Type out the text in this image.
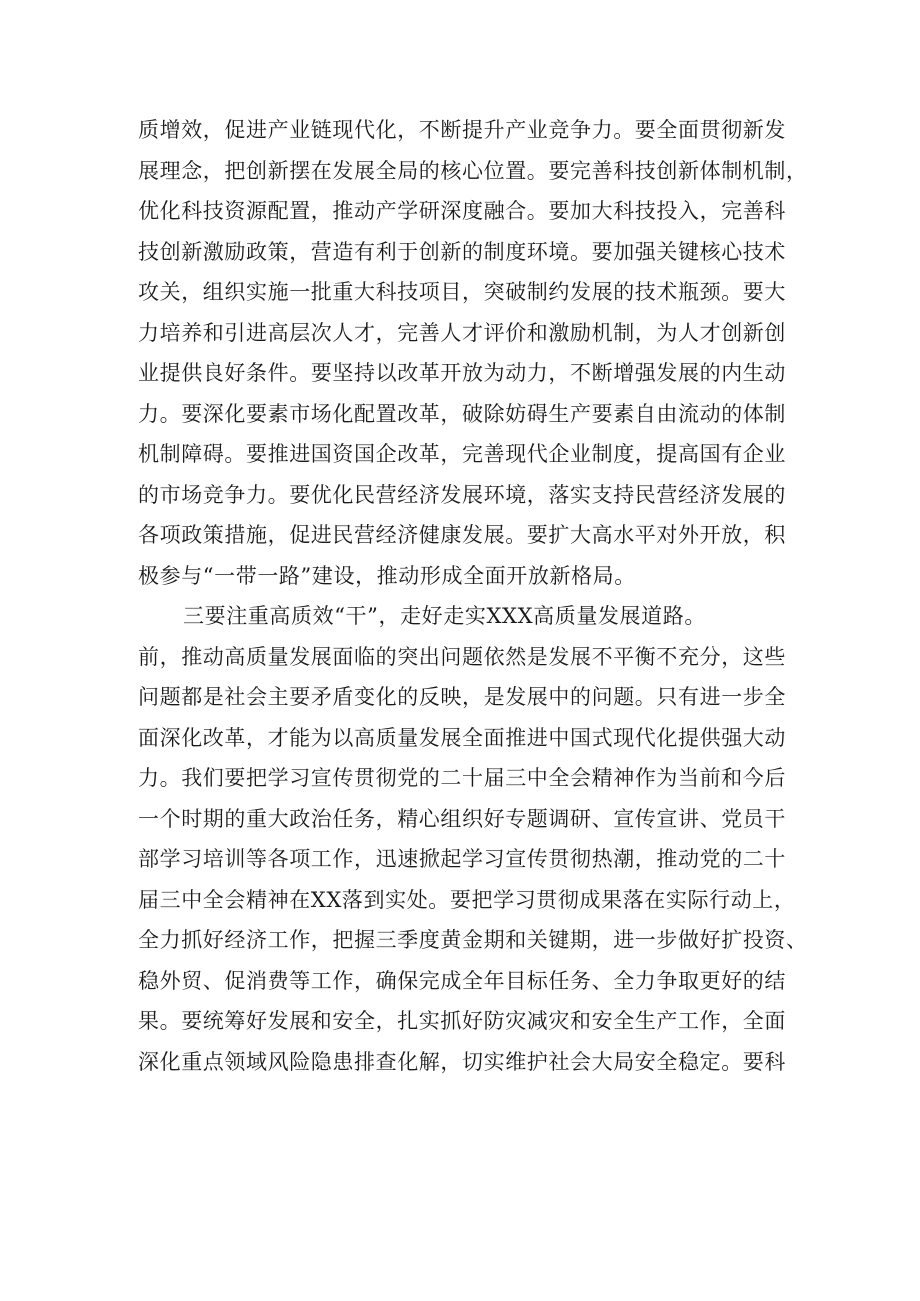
质增效，促进产业链现代化，不断提升产业竞争力。要全面贯彻新发
展理念，把创新摆在发展全局的核心位置。要完善科技创新体制机制，
优化科技资源配置，推动产学研深度融合。要加大科技投入，完善科
技创新激励政策，营造有利于创新的制度环境。要加强关键核心技术
攻关，组织实施一批重大科技项目，突破制约发展的技术瓶颈。要大
力培养和引进高层次人才，完善人才评价和激励机制，为人才创新创
业提供良好条件。要坚持以改革开放为动力，不断增强发展的内生动
力。要深化要素市场化配置改革，破除妨碍生产要素自由流动的体制
机制障碍。要推进国资国企改革，完善现代企业制度，提高国有企业
的市场竞争力。要优化民营经济发展环境，落实支持民营经济发展的
各项政策措施，促进民营经济健康发展。要扩大高水平对外开放，积
极参与“一带一路”建设，推动形成全面开放新格局。
三要注重高质效“干”，走好走实XXX高质量发展道路。
前，推动高质量发展面临的突出问题依然是发展不平衡不充分，这些
问题都是社会主要矛盾变化的反映，是发展中的问题。只有进一步全
面深化改革，才能为以高质量发展全面推进中国式现代化提供强大动
力。我们要把学习宣传贯彻党的二十届三中全会精神作为当前和今后
一个时期的重大政治任务，精心组织好专题调研、宣传宣讲、党员干
部学习培训等各项工作，迅速掀起学习宣传贯彻热潮，推动党的二十
届三中全会精神在XX落到实处。要把学习贯彻成果落在实际行动上，
全力抓好经济工作，把握三季度黄金期和关键期，进一步做好扩投资、
稳外贸、促消费等工作，确保完成全年目标任务、全力争取更好的结
果。要统筹好发展和安全，扎实抓好防灾减灾和安全生产工作，全面
深化重点领域风险隐患排查化解，切实维护社会大局安全稳定。要科
